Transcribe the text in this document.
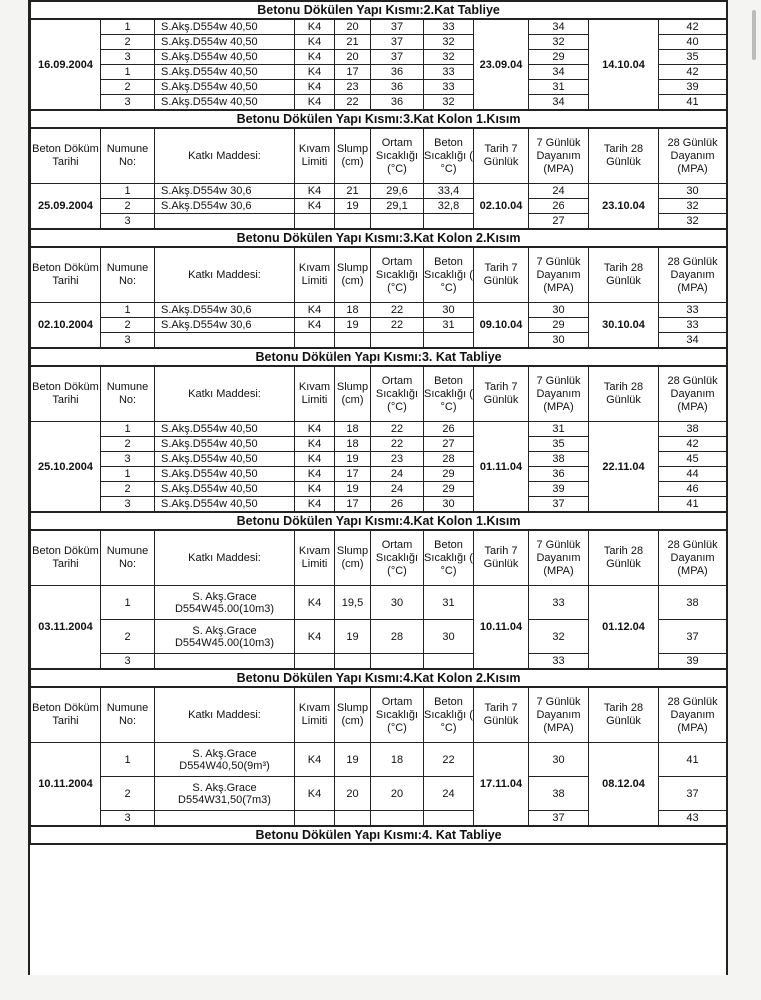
Betonu Dökülen Yapı Kısmı:2.Kat Tabliye										
16.09.2004	1	S.Akş.D554w 40,50	K4	20	37	33	23.09.04	34	14.10.04	42
	2	S.Akş.D554w 40,50	K4	21	37	32		32		40
	3	S.Akş.D554w 40,50	K4	20	37	32		29		35
	1	S.Akş.D554w 40,50	K4	17	36	33		34		42
	2	S.Akş.D554w 40,50	K4	23	36	33		31		39
	3	S.Akş.D554w 40,50	K4	22	36	32		34		41
Betonu Dökülen Yapı Kısmı:3.Kat Kolon 1.Kısım										
Beton Döküm Tarihi	Numune No:	Katkı Maddesi:	Kıvam Limiti	Slump (cm)	Ortam Sıcaklığı (°C)	Beton Sıcaklığı ( °C)	Tarih 7 Günlük	7 Günlük Dayanım (MPA)	Tarih 28 Günlük	28 Günlük Dayanım (MPA)
25.09.2004	1	S.Akş.D554w 30,6	K4	21	29,6	33,4	02.10.04	24	23.10.04	30
	2	S.Akş.D554w 30,6	K4	19	29,1	32,8		26		32
	3							27		32
Betonu Dökülen Yapı Kısmı:3.Kat Kolon 2.Kısım										
Beton Döküm Tarihi	Numune No:	Katkı Maddesi:	Kıvam Limiti	Slump (cm)	Ortam Sıcaklığı (°C)	Beton Sıcaklığı ( °C)	Tarih 7 Günlük	7 Günlük Dayanım (MPA)	Tarih 28 Günlük	28 Günlük Dayanım (MPA)
02.10.2004	1	S.Akş.D554w 30,6	K4	18	22	30	09.10.04	30	30.10.04	33
	2	S.Akş.D554w 30,6	K4	19	22	31		29		33
	3							30		34
Betonu Dökülen Yapı Kısmı:3. Kat Tabliye										
Beton Döküm Tarihi	Numune No:	Katkı Maddesi:	Kıvam Limiti	Slump (cm)	Ortam Sıcaklığı (°C)	Beton Sıcaklığı ( °C)	Tarih 7 Günlük	7 Günlük Dayanım (MPA)	Tarih 28 Günlük	28 Günlük Dayanım (MPA)
25.10.2004	1	S.Akş.D554w 40,50	K4	18	22	26	01.11.04	31	22.11.04	38
	2	S.Akş.D554w 40,50	K4	18	22	27		35		42
	3	S.Akş.D554w 40,50	K4	19	23	28		38		45
	1	S.Akş.D554w 40,50	K4	17	24	29		36		44
	2	S.Akş.D554w 40,50	K4	19	24	29		39		46
	3	S.Akş.D554w 40,50	K4	17	26	30		37		41
Betonu Dökülen Yapı Kısmı:4.Kat Kolon 1.Kısım										
Beton Döküm Tarihi	Numune No:	Katkı Maddesi:	Kıvam Limiti	Slump (cm)	Ortam Sıcaklığı (°C)	Beton Sıcaklığı ( °C)	Tarih 7 Günlük	7 Günlük Dayanım (MPA)	Tarih 28 Günlük	28 Günlük Dayanım (MPA)
03.11.2004	1	S. Akş.Grace D554W45.00(10m3)	K4	19,5	30	31	10.11.04	33	01.12.04	38
	2	S. Akş.Grace D554W45.00(10m3)	K4	19	28	30		32		37
	3							33		39
Betonu Dökülen Yapı Kısmı:4.Kat Kolon 2.Kısım										
Beton Döküm Tarihi	Numune No:	Katkı Maddesi:	Kıvam Limiti	Slump (cm)	Ortam Sıcaklığı (°C)	Beton Sıcaklığı ( °C)	Tarih 7 Günlük	7 Günlük Dayanım (MPA)	Tarih 28 Günlük	28 Günlük Dayanım (MPA)
10.11.2004	1	S. Akş.Grace D554W40,50(9m³)	K4	19	18	22	17.11.04	30	08.12.04	41
	2	S. Akş.Grace D554W31,50(7m3)	K4	20	20	24		38		37
	3							37		43
Betonu Dökülen Yapı Kısmı:4. Kat Tabliye										
